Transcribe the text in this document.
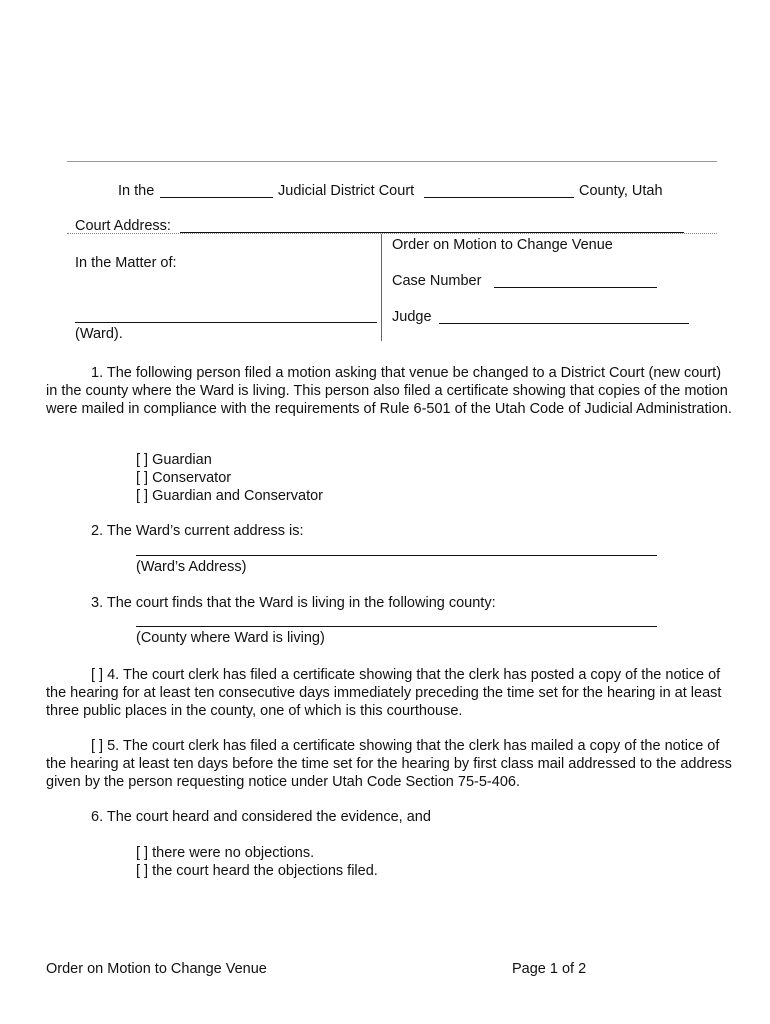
In the	Judicial District Court	County, Utah
Court Address:
In the Matter of:
(Ward).
Order on Motion to Change Venue
Case Number
Judge
1. The following person filed a motion asking that venue be changed to a District Court (new court) in the county where the Ward is living. This person also filed a certificate showing that copies of the motion were mailed in compliance with the requirements of Rule 6-501 of the Utah Code of Judicial Administration.
[ ] Guardian
[ ] Conservator
[ ] Guardian and Conservator
2. The Ward’s current address is:
(Ward’s Address)
3. The court finds that the Ward is living in the following county:
(County where Ward is living)
[ ] 4. The court clerk has filed a certificate showing that the clerk has posted a copy of the notice of the hearing for at least ten consecutive days immediately preceding the time set for the hearing in at least three public places in the county, one of which is this courthouse.
[ ] 5. The court clerk has filed a certificate showing that the clerk has mailed a copy of the notice of the hearing at least ten days before the time set for the hearing by first class mail addressed to the address given by the person requesting notice under Utah Code Section 75-5-406.
6. The court heard and considered the evidence, and
[ ] there were no objections.
[ ] the court heard the objections filed.
Order on Motion to Change Venue	Page 1 of 2
